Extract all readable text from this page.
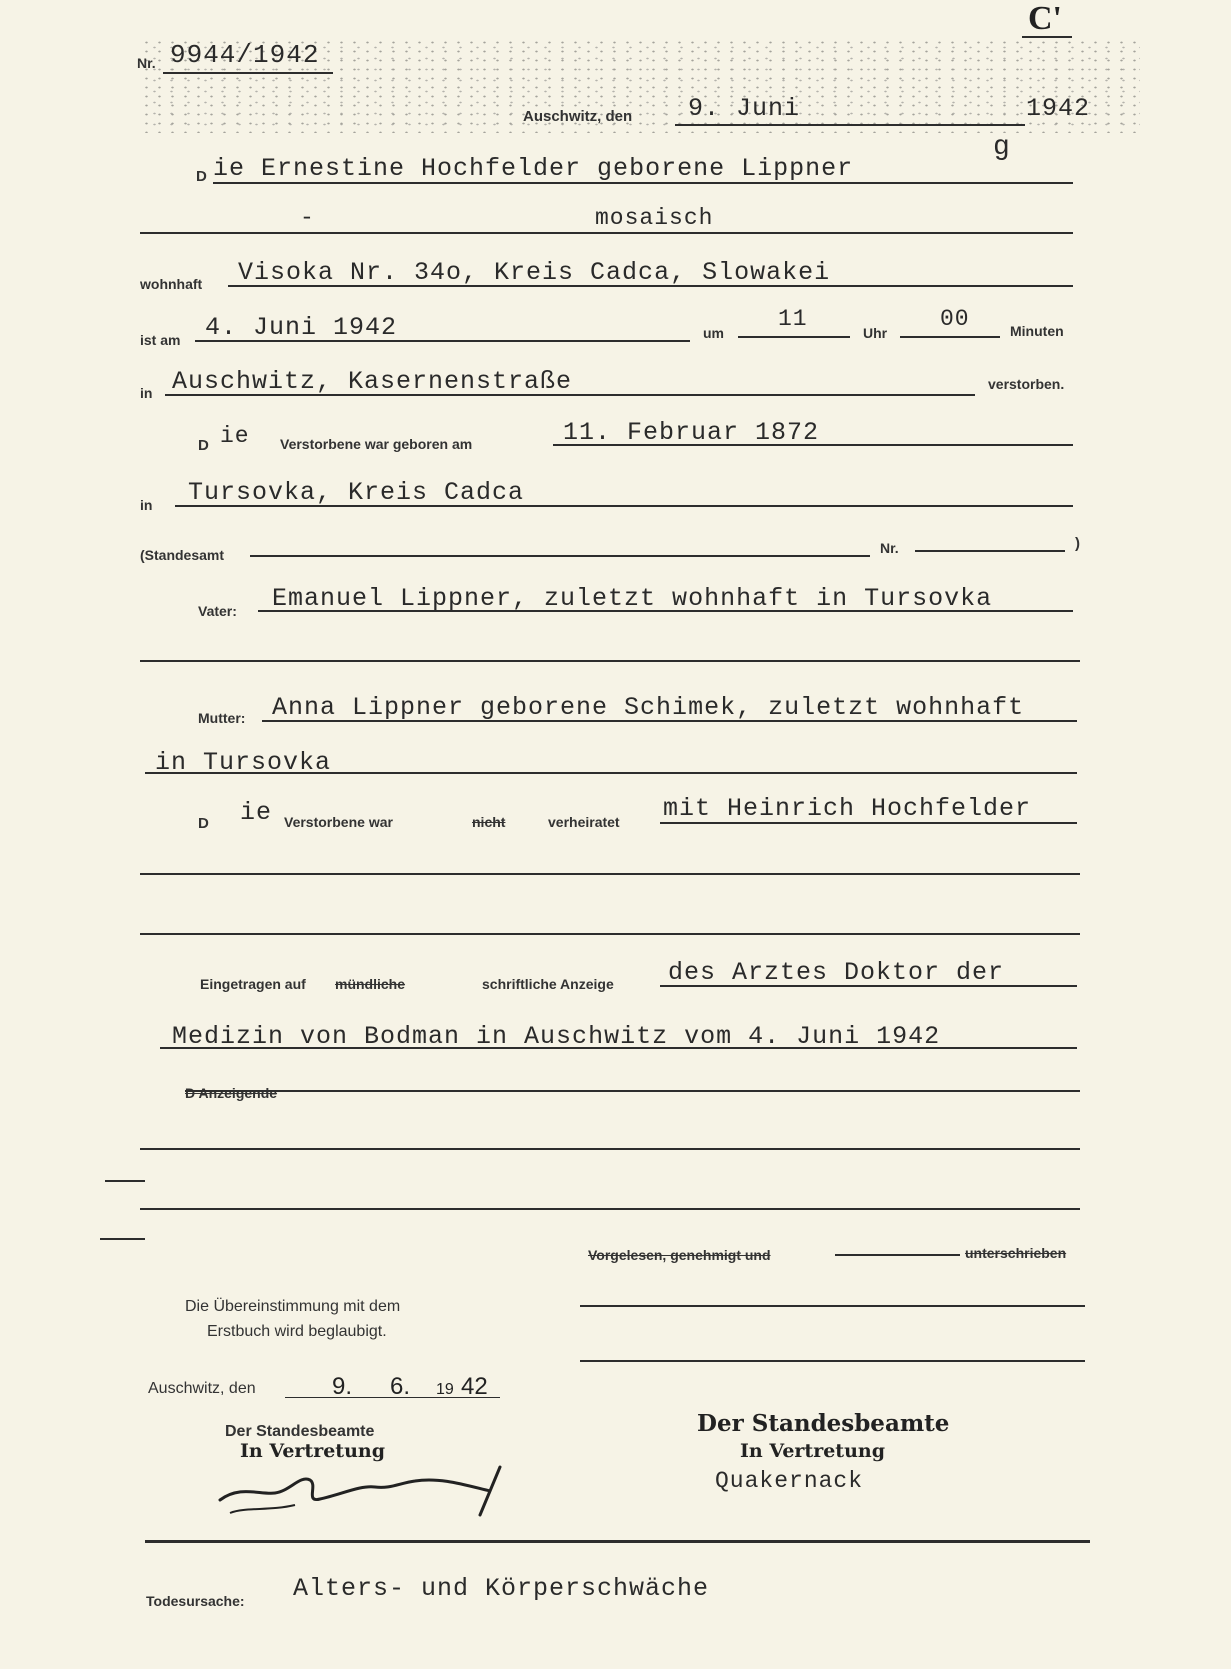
C'
Nr. 9944/1942
Auschwitz, den 9. Juni	1942
g
D ie Ernestine Hochfelder geborene Lippner
-	mosaisch
wohnhaft Visoka Nr. 34o, Kreis Cadca, Slowakei
ist am 4. Juni 1942	um
11
Uhr
00	Minuten
in Auschwitz, Kasernenstraße	verstorben.
D ie Verstorbene war geboren am	11. Februar 1872
in Tursovka, Kreis Cadca
(Standesamt	Nr.	)
Vater: Emanuel Lippner, zuletzt wohnhaft in Tursovka
Mutter: Anna Lippner geborene Schimek, zuletzt wohnhaft
in Tursovka
D ie Verstorbene war	nicht	verheiratet mit Heinrich Hochfelder
Eingetragen auf mündliche	schriftliche Anzeige des Arztes Doktor der
Medizin von Bodman in Auschwitz vom 4. Juni 1942
D Anzeigende
Vorgelesen, genehmigt und	unterschrieben
Die Übereinstimmung mit dem
Erstbuch wird beglaubigt.
Auschwitz, den	9. 6. 19 42
Der Standesbeamte
In Vertretung
Der Standesbeamte
In Vertretung
Quakernack
Todesursache: Alters- und Körperschwäche
